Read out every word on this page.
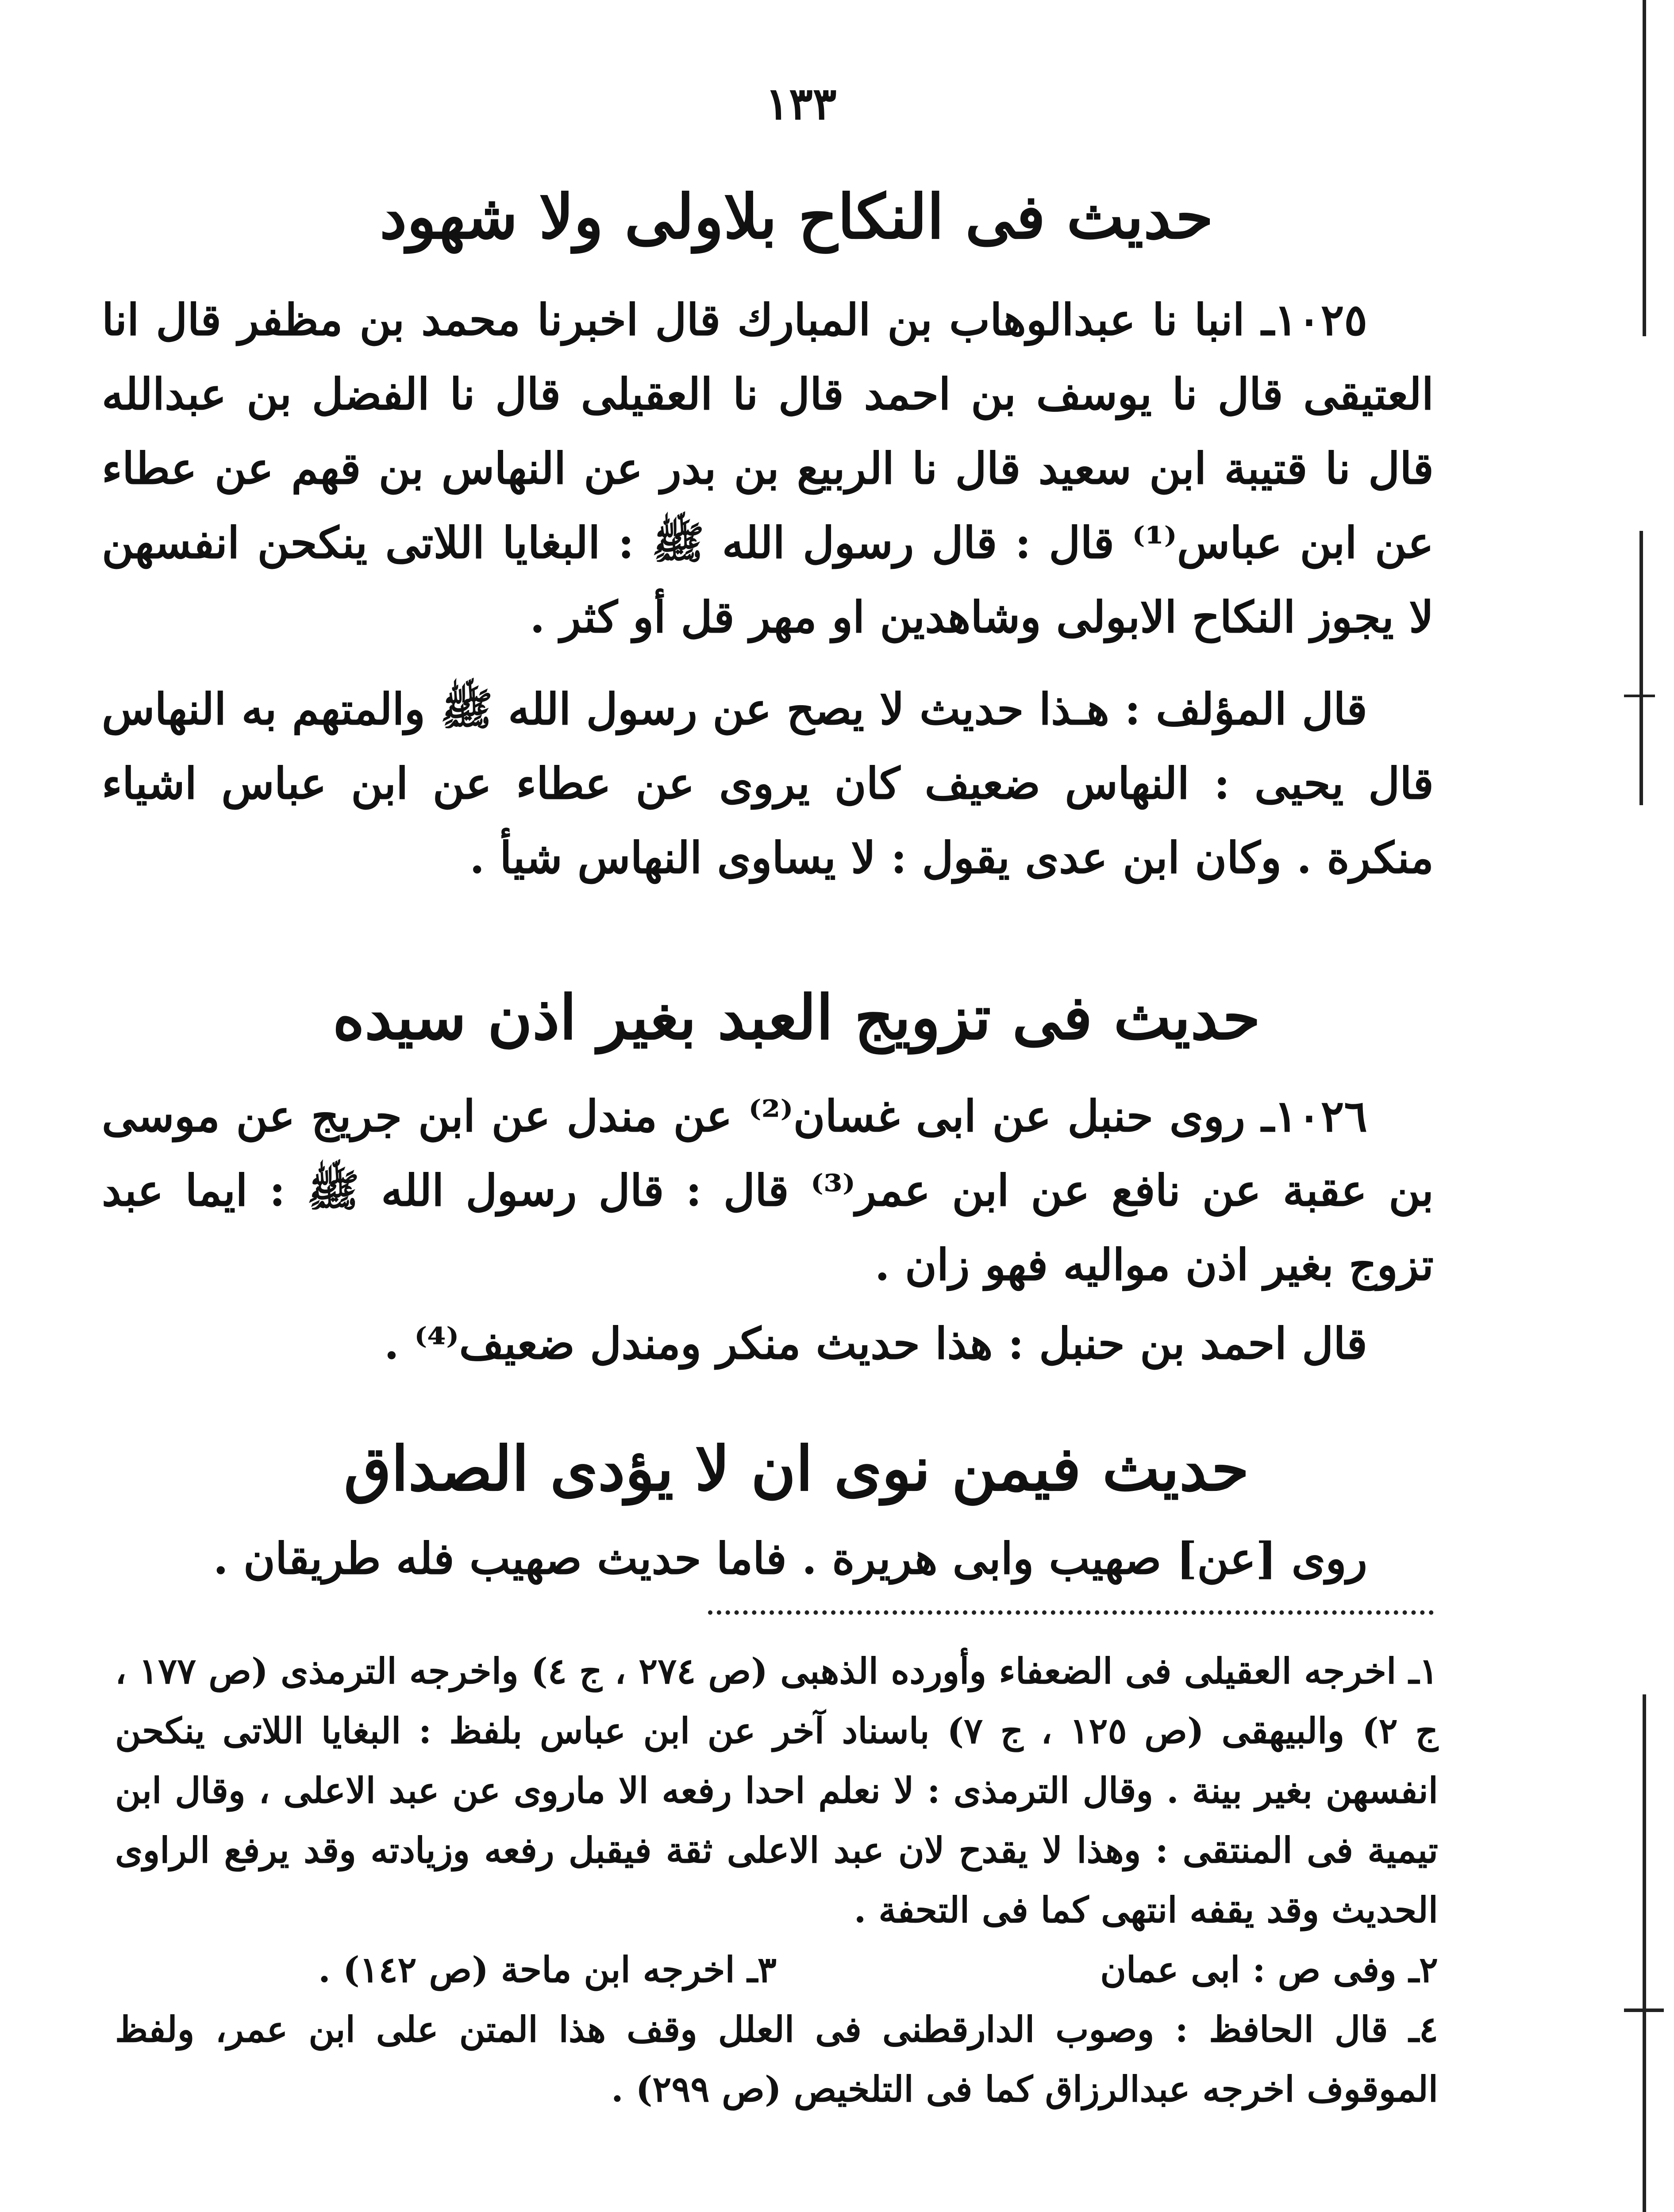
١٣٣
حديث فى النكاح بلاولى ولا شهود

١٠٢٥ـ انبا نا عبدالوهاب بن المبارك قال اخبرنا محمد بن مظفر قال انا العتيقى قال نا يوسف بن احمد قال نا العقيلى قال نا الفضل بن عبدالله قال نا قتيبة ابن سعيد قال نا الربيع بن بدر عن النهاس بن قهم عن عطاء عن ابن عباس⁽¹⁾ قال : قال رسول الله ﷺ : البغايا اللاتى ينكحن انفسهن لا يجوز النكاح الابولى وشاهدين او مهر قل أو كثر .

قال المؤلف : هـذا حديث لا يصح عن رسول الله ﷺ والمتهم به النهاس قال يحيى : النهاس ضعيف كان يروى عن عطاء عن ابن عباس اشياء منكرة . وكان ابن عدى يقول : لا يساوى النهاس شيأ .

حديث فى تزويج العبد بغير اذن سيده

١٠٢٦ـ روى حنبل عن ابى غسان⁽²⁾ عن مندل عن ابن جريج عن موسى بن عقبة عن نافع عن ابن عمر⁽³⁾ قال : قال رسول الله ﷺ : ايما عبد تزوج بغير اذن مواليه فهو زان .

قال احمد بن حنبل : هذا حديث منكر ومندل ضعيف⁽⁴⁾ .

حديث فيمن نوى ان لا يؤدى الصداق

روى [عن] صهيب وابى هريرة . فاما حديث صهيب فله طريقان .

١ـ اخرجه العقيلى فى الضعفاء وأورده الذهبى (ص ٢٧٤ ، ج ٤) واخرجه الترمذى (ص ١٧٧ ، ج ٢) والبيهقى (ص ١٢٥ ، ج ٧) باسناد آخر عن ابن عباس بلفظ : البغايا اللاتى ينكحن انفسهن بغير بينة . وقال الترمذى : لا نعلم احدا رفعه الا ماروى عن عبد الاعلى ، وقال ابن تيمية فى المنتقى : وهذا لا يقدح لان عبد الاعلى ثقة فيقبل رفعه وزيادته وقد يرفع الراوى الحديث وقد يقفه انتهى كما فى التحفة .

٢ـ وفى ص : ابى عمان
٣ـ اخرجه ابن ماحة (ص ١٤٢) .

٤ـ قال الحافظ : وصوب الدارقطنى فى العلل وقف هذا المتن على ابن عمر، ولفظ الموقوف اخرجه عبدالرزاق كما فى التلخيص (ص ٢٩٩) .
